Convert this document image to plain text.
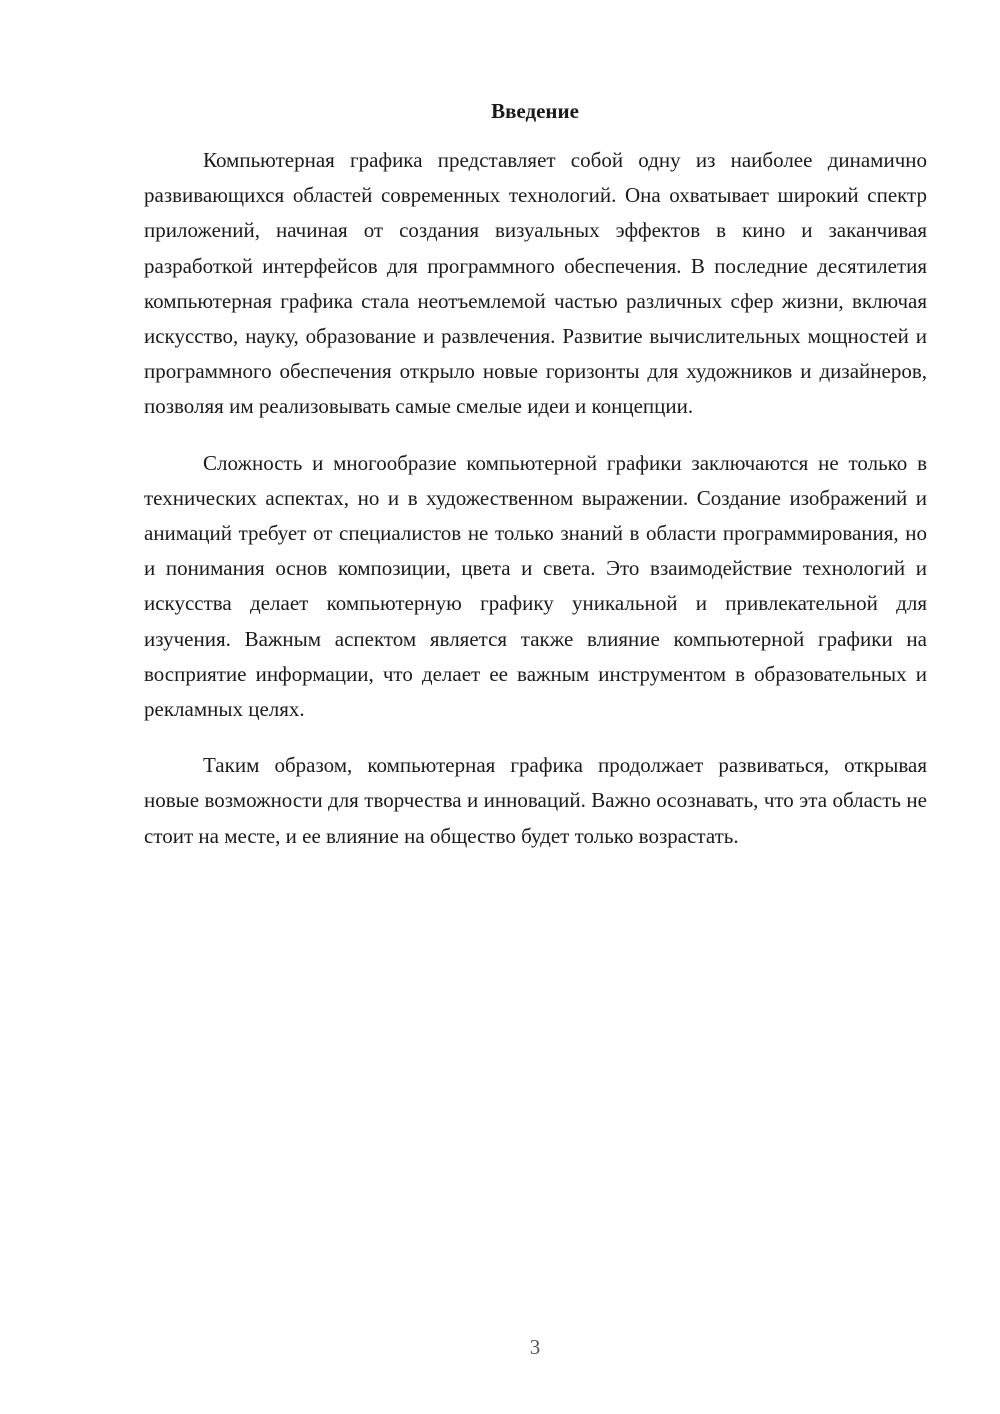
Введение

Компьютерная графика представляет собой одну из наиболее динамично развивающихся областей современных технологий. Она охватывает широкий спектр приложений, начиная от создания визуальных эффектов в кино и заканчивая разработкой интерфейсов для программного обеспечения. В последние десятилетия компьютерная графика стала неотъемлемой частью различных сфер жизни, включая искусство, науку, образование и развлечения. Развитие вычислительных мощностей и программного обеспечения открыло новые горизонты для художников и дизайнеров, позволяя им реализовывать самые смелые идеи и концепции.

Сложность и многообразие компьютерной графики заключаются не только в технических аспектах, но и в художественном выражении. Создание изображений и анимаций требует от специалистов не только знаний в области программирования, но и понимания основ композиции, цвета и света. Это взаимодействие технологий и искусства делает компьютерную графику уникальной и привлекательной для изучения. Важным аспектом является также влияние компьютерной графики на восприятие информации, что делает ее важным инструментом в образовательных и рекламных целях.

Таким образом, компьютерная графика продолжает развиваться, открывая новые возможности для творчества и инноваций. Важно осознавать, что эта область не стоит на месте, и ее влияние на общество будет только возрастать.

3
